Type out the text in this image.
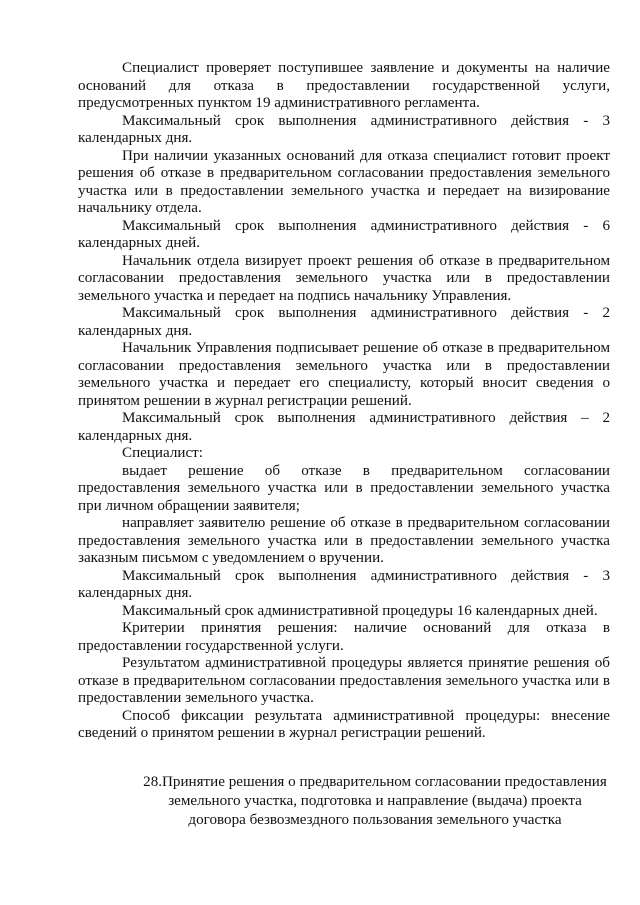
Специалист проверяет поступившее заявление и документы на наличие оснований для отказа в предоставлении государственной услуги, предусмотренных пунктом 19 административного регламента.

Максимальный срок выполнения административного действия - 3 календарных дня.

При наличии указанных оснований для отказа специалист готовит проект решения об отказе в предварительном согласовании предоставления земельного участка или в предоставлении земельного участка и передает на визирование начальнику отдела.

Максимальный срок выполнения административного действия - 6 календарных дней.

Начальник отдела визирует проект решения об отказе в предварительном согласовании предоставления земельного участка или в предоставлении земельного участка и передает на подпись начальнику Управления.

Максимальный срок выполнения административного действия - 2 календарных дня.

Начальник Управления подписывает решение об отказе в предварительном согласовании предоставления земельного участка или в предоставлении земельного участка и передает его специалисту, который вносит сведения о принятом решении в журнал регистрации решений.

Максимальный срок выполнения административного действия – 2 календарных дня.

Специалист:

выдает решение об отказе в предварительном согласовании предоставления земельного участка или в предоставлении земельного участка при личном обращении заявителя;

направляет заявителю решение об отказе в предварительном согласовании предоставления земельного участка или в предоставлении земельного участка заказным письмом с уведомлением о вручении.

Максимальный срок выполнения административного действия - 3 календарных дня.

Максимальный срок административной процедуры 16 календарных дней.

Критерии принятия решения: наличие оснований для отказа в предоставлении государственной услуги.

Результатом административной процедуры является принятие решения об отказе в предварительном согласовании предоставления земельного участка или в предоставлении земельного участка.

Способ фиксации результата административной процедуры: внесение сведений о принятом решении в журнал регистрации решений.

28.Принятие решения о предварительном согласовании предоставления
земельного участка, подготовка и направление (выдача) проекта
договора безвозмездного пользования земельного участка
